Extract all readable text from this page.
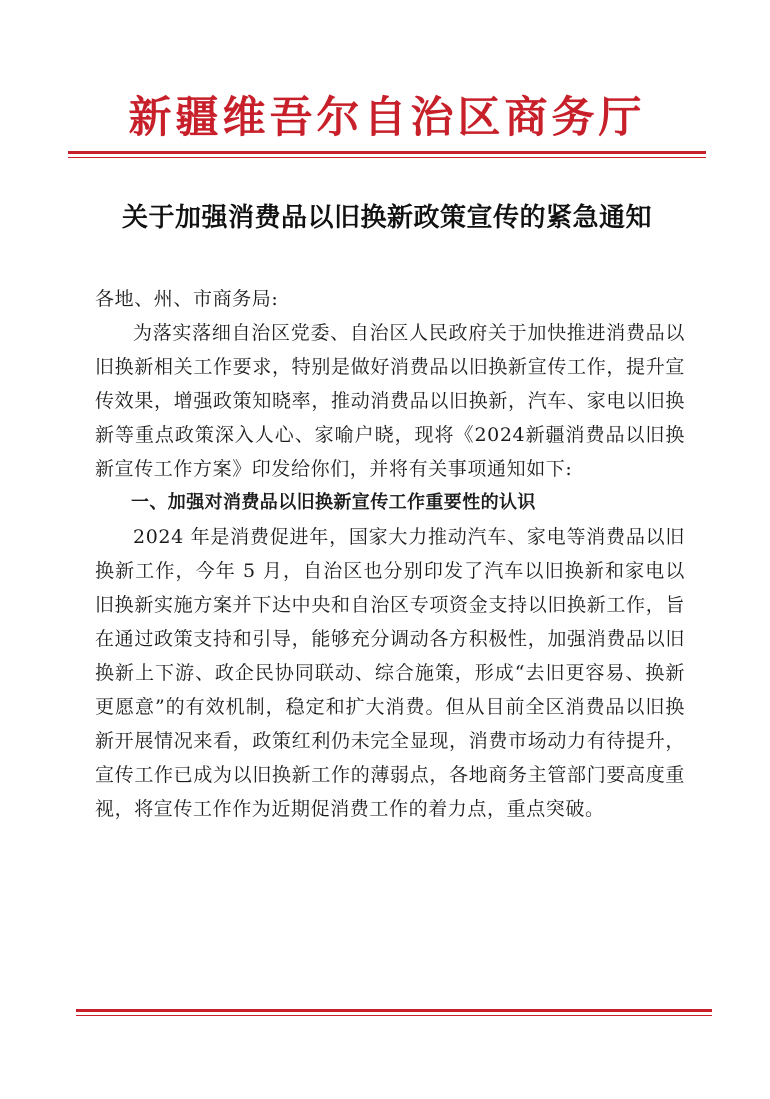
新疆维吾尔自治区商务厅
关于加强消费品以旧换新政策宣传的紧急通知

各地、州、市商务局:

为落实落细自治区党委、自治区人民政府关于加快推进消费品以旧换新相关工作要求，特别是做好消费品以旧换新宣传工作，提升宣传效果，增强政策知晓率，推动消费品以旧换新，汽车、家电以旧换新等重点政策深入人心、家喻户晓，现将《2024新疆消费品以旧换新宣传工作方案》印发给你们，并将有关事项通知如下:

一、加强对消费品以旧换新宣传工作重要性的认识

2024 年是消费促进年，国家大力推动汽车、家电等消费品以旧换新工作，今年 5 月，自治区也分别印发了汽车以旧换新和家电以旧换新实施方案并下达中央和自治区专项资金支持以旧换新工作，旨在通过政策支持和引导，能够充分调动各方积极性，加强消费品以旧换新上下游、政企民协同联动、综合施策，形成“去旧更容易、换新更愿意”的有效机制，稳定和扩大消费。但从目前全区消费品以旧换新开展情况来看，政策红利仍未完全显现，消费市场动力有待提升，宣传工作已成为以旧换新工作的薄弱点，各地商务主管部门要高度重视，将宣传工作作为近期促消费工作的着力点，重点突破。
